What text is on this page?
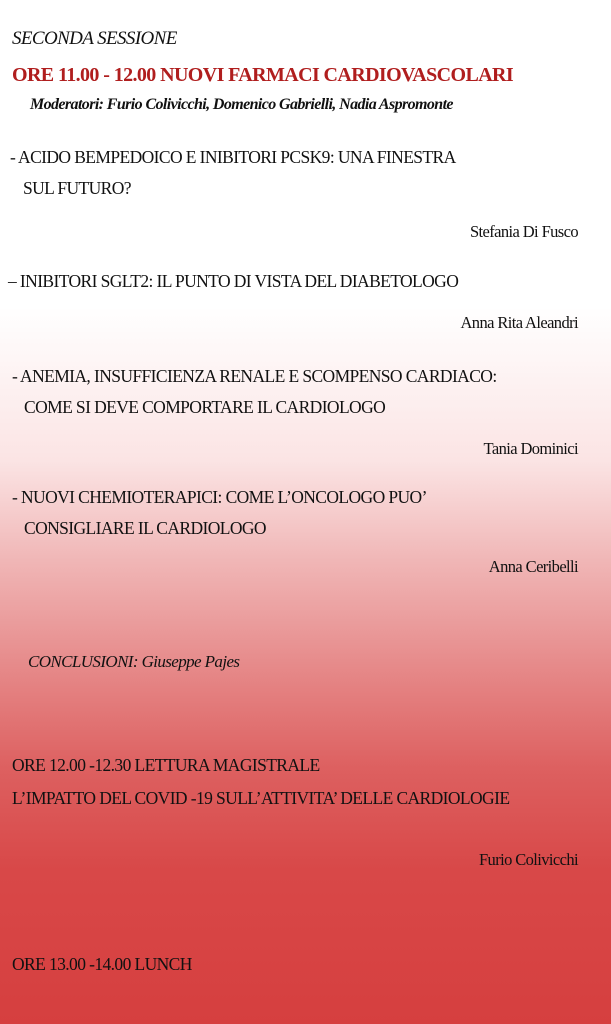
SECONDA SESSIONE
ORE 11.00 - 12.00 NUOVI FARMACI CARDIOVASCOLARI
Moderatori: Furio Colivicchi, Domenico Gabrielli, Nadia Aspromonte
- ACIDO BEMPEDOICO E INIBITORI PCSK9: UNA FINESTRA
SUL FUTURO?
Stefania Di Fusco
– INIBITORI SGLT2: IL PUNTO DI VISTA DEL DIABETOLOGO
Anna Rita Aleandri
- ANEMIA, INSUFFICIENZA RENALE E SCOMPENSO CARDIACO:
COME SI DEVE COMPORTARE IL CARDIOLOGO
Tania Dominici
- NUOVI CHEMIOTERAPICI: COME L’ONCOLOGO PUO’
CONSIGLIARE IL CARDIOLOGO
Anna Ceribelli
CONCLUSIONI: Giuseppe Pajes
ORE 12.00 -12.30 LETTURA MAGISTRALE
L’IMPATTO DEL COVID -19 SULL’ATTIVITA’ DELLE CARDIOLOGIE
Furio Colivicchi
ORE 13.00 -14.00 LUNCH
